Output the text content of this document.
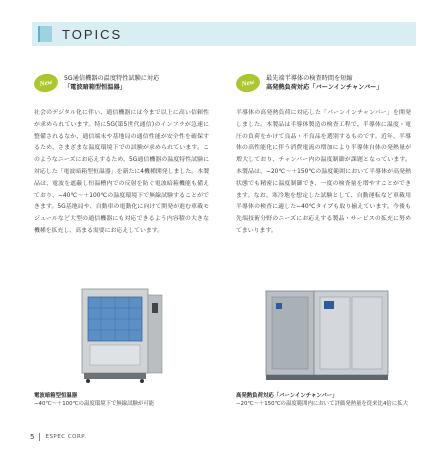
TOPICS
New	5G通信機器の温度特性試験に対応
「電波暗箱型恒温器」
社会のデジタル化に伴い、通信機器には今まで以上に高い信頼性が求められています。特に5G(第5世代通信)のインフラが急速に整備されるなか、通信端末や基地局の通信性能が安全性を確保するため、さまざまな温度環境下での試験が求められています。このようなニーズにお応えするため、5G通信機器の温度特性試験に対応した「電波暗箱型恒温器」を新たに4機種開発しました。本製品は、電波を遮蔽し恒温槽内での反射を防ぐ電波暗箱機能も備えており、−40℃〜＋100℃の温度環境下で無線試験することができます。5G基地局や、自動車の電動化に向けて開発が進む車載モジュールなど大型の通信機器にも対応できるよう内容積の大きな機種を拡充し、高まる需要にお応えしています。
New	最先端半導体の検査時間を短縮
高発熱負荷対応「バーンインチャンバー」
半導体の高発熱負荷に対応した「バーンインチャンバー」を開発しました。本製品は半導体製造の検査工程で、半導体に温度・電圧の負荷をかけて良品・不良品を選別するものです。近年、半導体の高性能化に伴う消費電流の増加により半導体自体の発熱量が増大しており、チャンバー内の温度制御が課題となっています。本製品は、−20℃〜＋150℃の温度範囲において半導体が高発熱状態でも精密に温度制御でき、一度の検査量を増やすことができます。なお、寒冷地を想定した試験として、自動運転など車載用半導体の検査に適した−40℃タイプも取り揃えています。今後も先端技術分野のニーズにお応えする製品・サービスの拡充に努めてまいります。
電波暗箱型恒温器
−40℃〜＋100℃の温度環境下で無線試験が可能
高発熱負荷対応「バーンインチャンバー」
−20℃〜＋150℃の温度範囲内において評価発熱量を従来比4倍に拡大
5 ESPEC CORP.
